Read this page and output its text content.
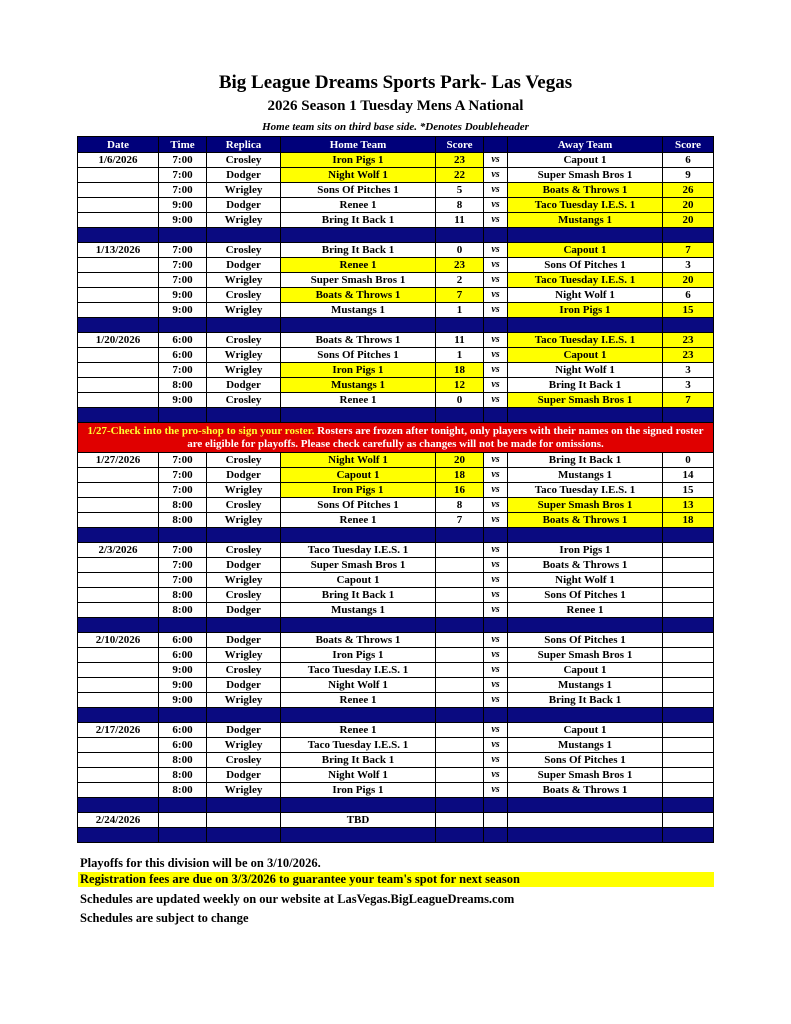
Big League Dreams Sports Park- Las Vegas
2026 Season 1 Tuesday Mens A National
Home team sits on third base side. *Denotes Doubleheader
Date	Time	Replica	Home Team	Score		Away Team	Score
1/6/2026	7:00	Crosley	Iron Pigs 1	23	vs	Capout 1	6
	7:00	Dodger	Night Wolf 1	22	vs	Super Smash Bros 1	9
	7:00	Wrigley	Sons Of Pitches 1	5	vs	Boats & Throws 1	26
	9:00	Dodger	Renee 1	8	vs	Taco Tuesday I.E.S. 1	20
	9:00	Wrigley	Bring It Back 1	11	vs	Mustangs 1	20

1/13/2026	7:00	Crosley	Bring It Back 1	0	vs	Capout 1	7
	7:00	Dodger	Renee 1	23	vs	Sons Of Pitches 1	3
	7:00	Wrigley	Super Smash Bros 1	2	vs	Taco Tuesday I.E.S. 1	20
	9:00	Crosley	Boats & Throws 1	7	vs	Night Wolf 1	6
	9:00	Wrigley	Mustangs 1	1	vs	Iron Pigs 1	15

1/20/2026	6:00	Crosley	Boats & Throws 1	11	vs	Taco Tuesday I.E.S. 1	23
	6:00	Wrigley	Sons Of Pitches 1	1	vs	Capout 1	23
	7:00	Wrigley	Iron Pigs 1	18	vs	Night Wolf 1	3
	8:00	Dodger	Mustangs 1	12	vs	Bring It Back 1	3
	9:00	Crosley	Renee 1	0	vs	Super Smash Bros 1	7

1/27-Check into the pro-shop to sign your roster. Rosters are frozen after tonight, only players with their names on the signed roster are eligible for playoffs. Please check carefully as changes will not be made for omissions.							
1/27/2026	7:00	Crosley	Night Wolf 1	20	vs	Bring It Back 1	0
	7:00	Dodger	Capout 1	18	vs	Mustangs 1	14
	7:00	Wrigley	Iron Pigs 1	16	vs	Taco Tuesday I.E.S. 1	15
	8:00	Crosley	Sons Of Pitches 1	8	vs	Super Smash Bros 1	13
	8:00	Wrigley	Renee 1	7	vs	Boats & Throws 1	18

2/3/2026	7:00	Crosley	Taco Tuesday I.E.S. 1		vs	Iron Pigs 1	
	7:00	Dodger	Super Smash Bros 1		vs	Boats & Throws 1	
	7:00	Wrigley	Capout 1		vs	Night Wolf 1	
	8:00	Crosley	Bring It Back 1		vs	Sons Of Pitches 1	
	8:00	Dodger	Mustangs 1		vs	Renee 1	

2/10/2026	6:00	Dodger	Boats & Throws 1		vs	Sons Of Pitches 1	
	6:00	Wrigley	Iron Pigs 1		vs	Super Smash Bros 1	
	9:00	Crosley	Taco Tuesday I.E.S. 1		vs	Capout 1	
	9:00	Dodger	Night Wolf 1		vs	Mustangs 1	
	9:00	Wrigley	Renee 1		vs	Bring It Back 1	

2/17/2026	6:00	Dodger	Renee 1		vs	Capout 1	
	6:00	Wrigley	Taco Tuesday I.E.S. 1		vs	Mustangs 1	
	8:00	Crosley	Bring It Back 1		vs	Sons Of Pitches 1	
	8:00	Dodger	Night Wolf 1		vs	Super Smash Bros 1	
	8:00	Wrigley	Iron Pigs 1		vs	Boats & Throws 1	

2/24/2026			TBD				

Playoffs for this division will be on 3/10/2026.
Registration fees are due on 3/3/2026 to guarantee your team's spot for next season
Schedules are updated weekly on our website at LasVegas.BigLeagueDreams.com
Schedules are subject to change
